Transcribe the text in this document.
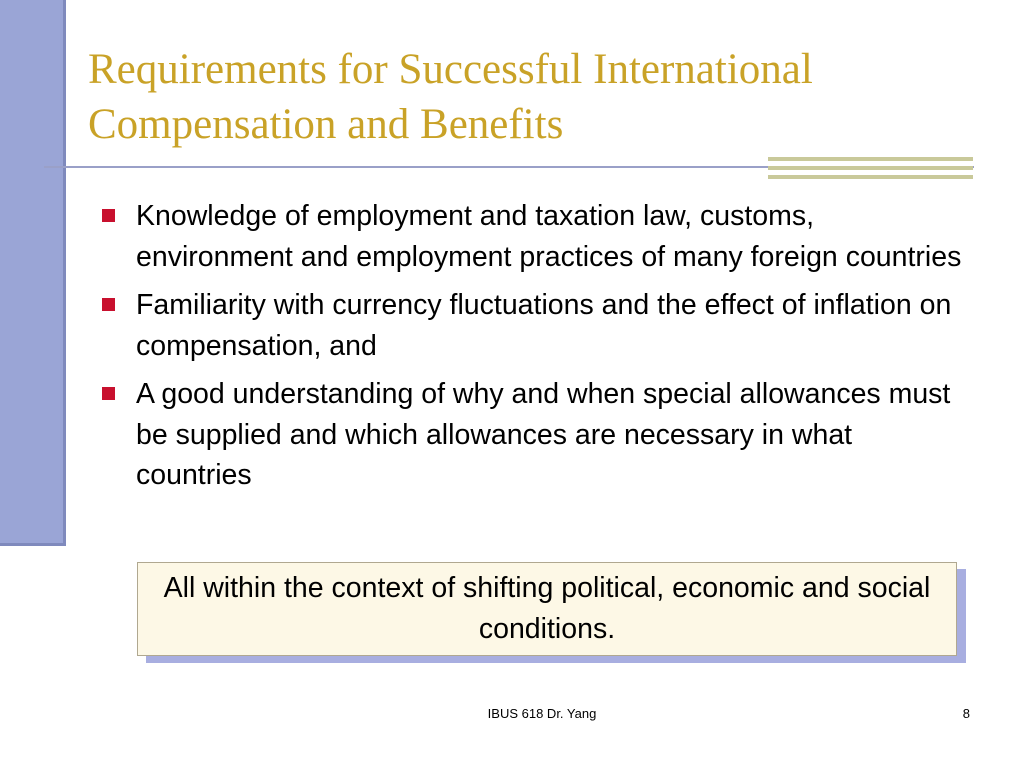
Requirements for Successful International
Compensation and Benefits
Knowledge of employment and taxation law, customs, environment and employment practices of many foreign countries
Familiarity with currency fluctuations and the effect of inflation on compensation, and
A good understanding of why and when special allowances must be supplied and which allowances are necessary in what countries
All within the context of shifting political, economic and social conditions.
IBUS 618 Dr. Yang	8
